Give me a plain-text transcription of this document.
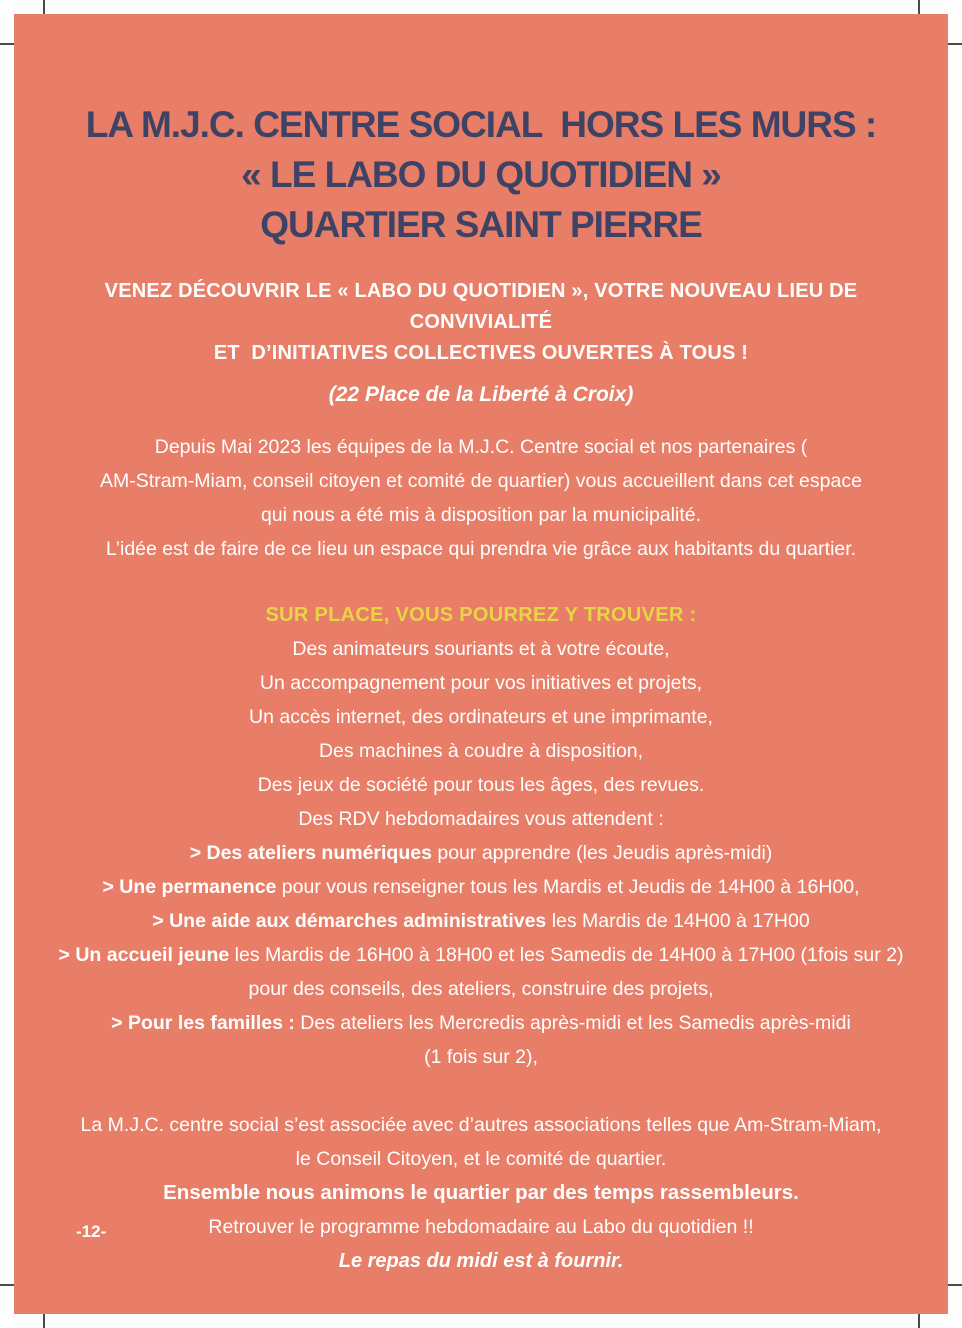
LA M.J.C. CENTRE SOCIAL  HORS LES MURS :
« LE LABO DU QUOTIDIEN »
QUARTIER SAINT PIERRE
VENEZ DÉCOUVRIR LE « LABO DU QUOTIDIEN », VOTRE NOUVEAU LIEU DE CONVIVIALITÉ
ET  D’INITIATIVES COLLECTIVES OUVERTES À TOUS !
(22 Place de la Liberté à Croix)
Depuis Mai 2023 les équipes de la M.J.C. Centre social et nos partenaires (
AM-Stram-Miam, conseil citoyen et comité de quartier) vous accueillent dans cet espace
qui nous a été mis à disposition par la municipalité.
L’idée est de faire de ce lieu un espace qui prendra vie grâce aux habitants du quartier.
SUR PLACE, VOUS POURREZ Y TROUVER :
Des animateurs souriants et à votre écoute,
Un accompagnement pour vos initiatives et projets,
Un accès internet, des ordinateurs et une imprimante,
Des machines à coudre à disposition,
Des jeux de société pour tous les âges, des revues.
Des RDV hebdomadaires vous attendent :
> Des ateliers numériques pour apprendre (les Jeudis après-midi)
> Une permanence pour vous renseigner tous les Mardis et Jeudis de 14H00 à 16H00,
> Une aide aux démarches administratives les Mardis de 14H00 à 17H00
> Un accueil jeune les Mardis de 16H00 à 18H00 et les Samedis de 14H00 à 17H00 (1fois sur 2)
pour des conseils, des ateliers, construire des projets,
> Pour les familles : Des ateliers les Mercredis après-midi et les Samedis après-midi
(1 fois sur 2),
La M.J.C. centre social s’est associée avec d’autres associations telles que Am-Stram-Miam,
le Conseil Citoyen, et le comité de quartier.
Ensemble nous animons le quartier par des temps rassembleurs.
Retrouver le programme hebdomadaire au Labo du quotidien !!
Le repas du midi est à fournir.
-12-
